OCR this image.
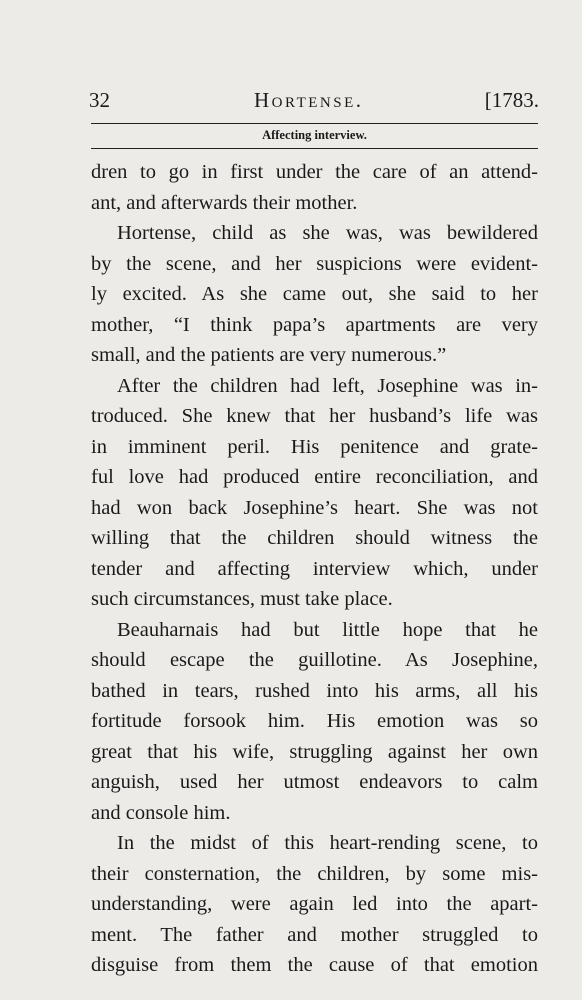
32	Hortense.	[1783.
Affecting interview.
dren to go in first under the care of an attend-
ant, and afterwards their mother.
Hortense, child as she was, was bewildered
by the scene, and her suspicions were evident-
ly excited. As she came out, she said to her
mother, “I think papa’s apartments are very
small, and the patients are very numerous.”
After the children had left, Josephine was in-
troduced. She knew that her husband’s life was
in imminent peril. His penitence and grate-
ful love had produced entire reconciliation, and
had won back Josephine’s heart. She was not
willing that the children should witness the
tender and affecting interview which, under
such circumstances, must take place.
Beauharnais had but little hope that he
should escape the guillotine. As Josephine,
bathed in tears, rushed into his arms, all his
fortitude forsook him. His emotion was so
great that his wife, struggling against her own
anguish, used her utmost endeavors to calm
and console him.
In the midst of this heart-rending scene, to
their consternation, the children, by some mis-
understanding, were again led into the apart-
ment. The father and mother struggled to
disguise from them the cause of that emotion
